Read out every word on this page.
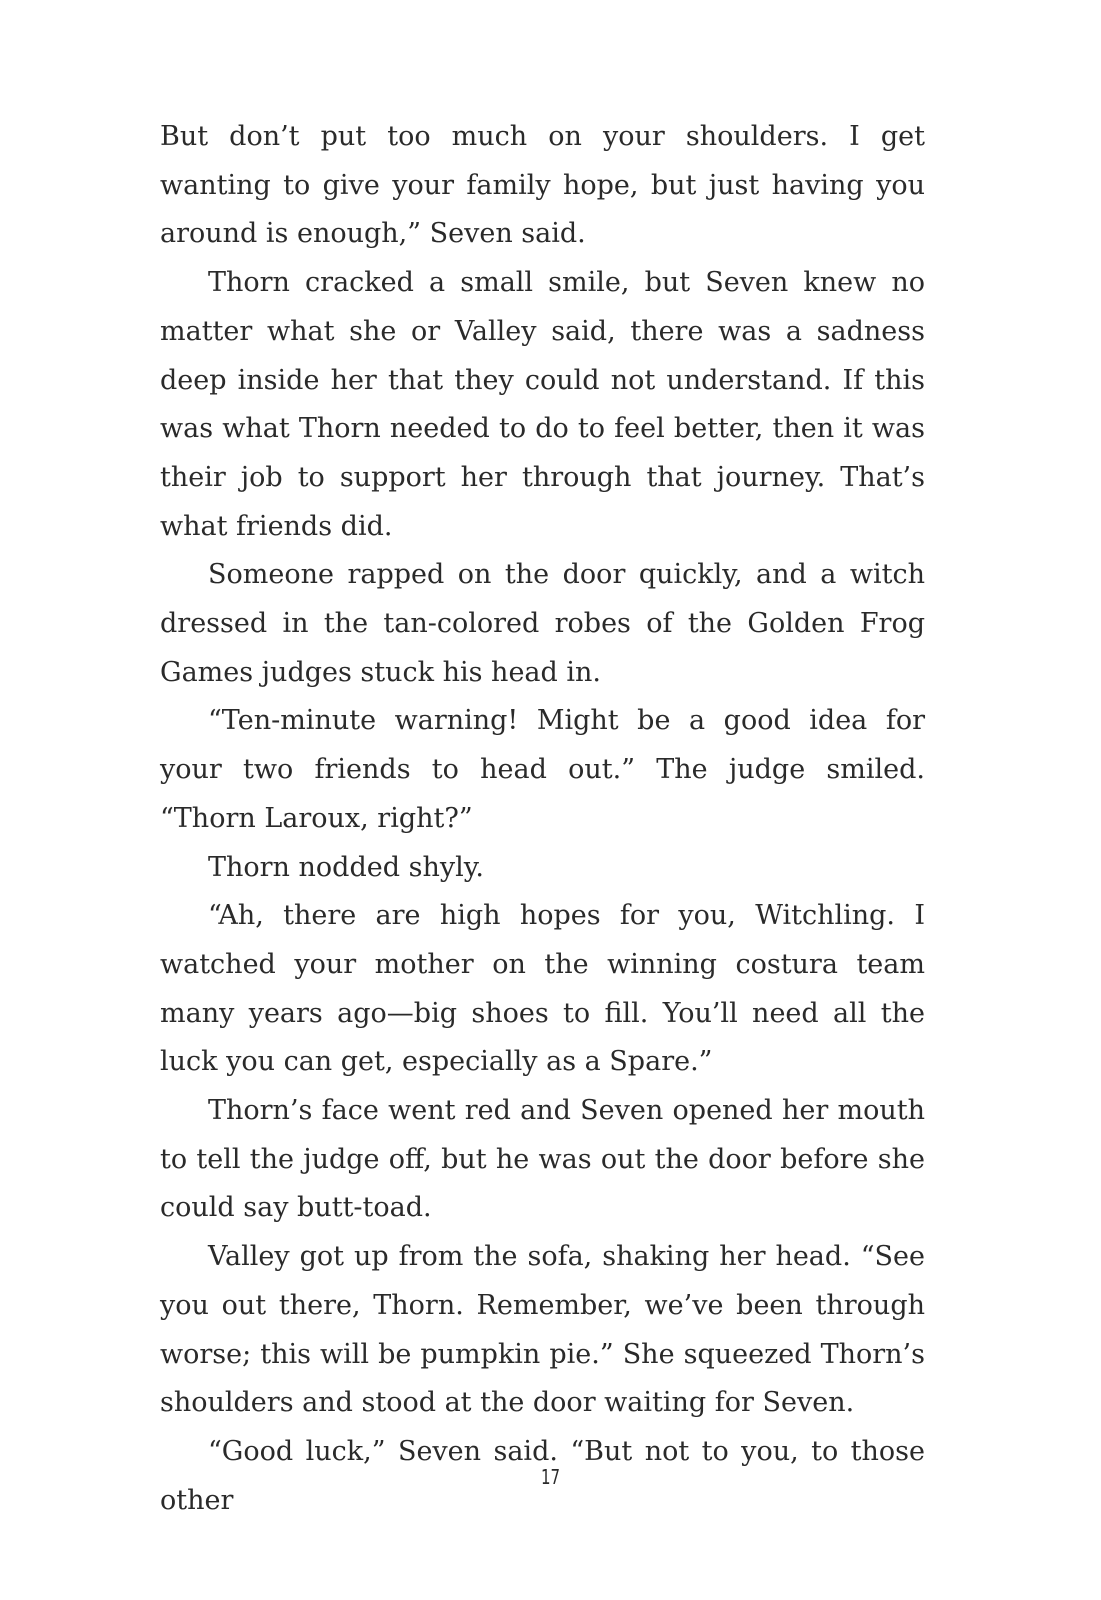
But don’t put too much on your shoulders. I get wanting to give your family hope, but just having you around is enough,” Seven said.

Thorn cracked a small smile, but Seven knew no matter what she or Valley said, there was a sadness deep inside her that they could not understand. If this was what Thorn needed to do to feel better, then it was their job to support her through that journey. That’s what friends did.

Someone rapped on the door quickly, and a witch dressed in the tan-colored robes of the Golden Frog Games judges stuck his head in.

“Ten-minute warning! Might be a good idea for your two friends to head out.” The judge smiled. “Thorn Laroux, right?”

Thorn nodded shyly.

“Ah, there are high hopes for you, Witchling. I watched your mother on the winning costura team many years ago—big shoes to fill. You’ll need all the luck you can get, especially as a Spare.”

Thorn’s face went red and Seven opened her mouth to tell the judge off, but he was out the door before she could say butt-toad.

Valley got up from the sofa, shaking her head. “See you out there, Thorn. Remember, we’ve been through worse; this will be pumpkin pie.” She squeezed Thorn’s shoulders and stood at the door waiting for Seven.

“Good luck,” Seven said. “But not to you, to those other

17
